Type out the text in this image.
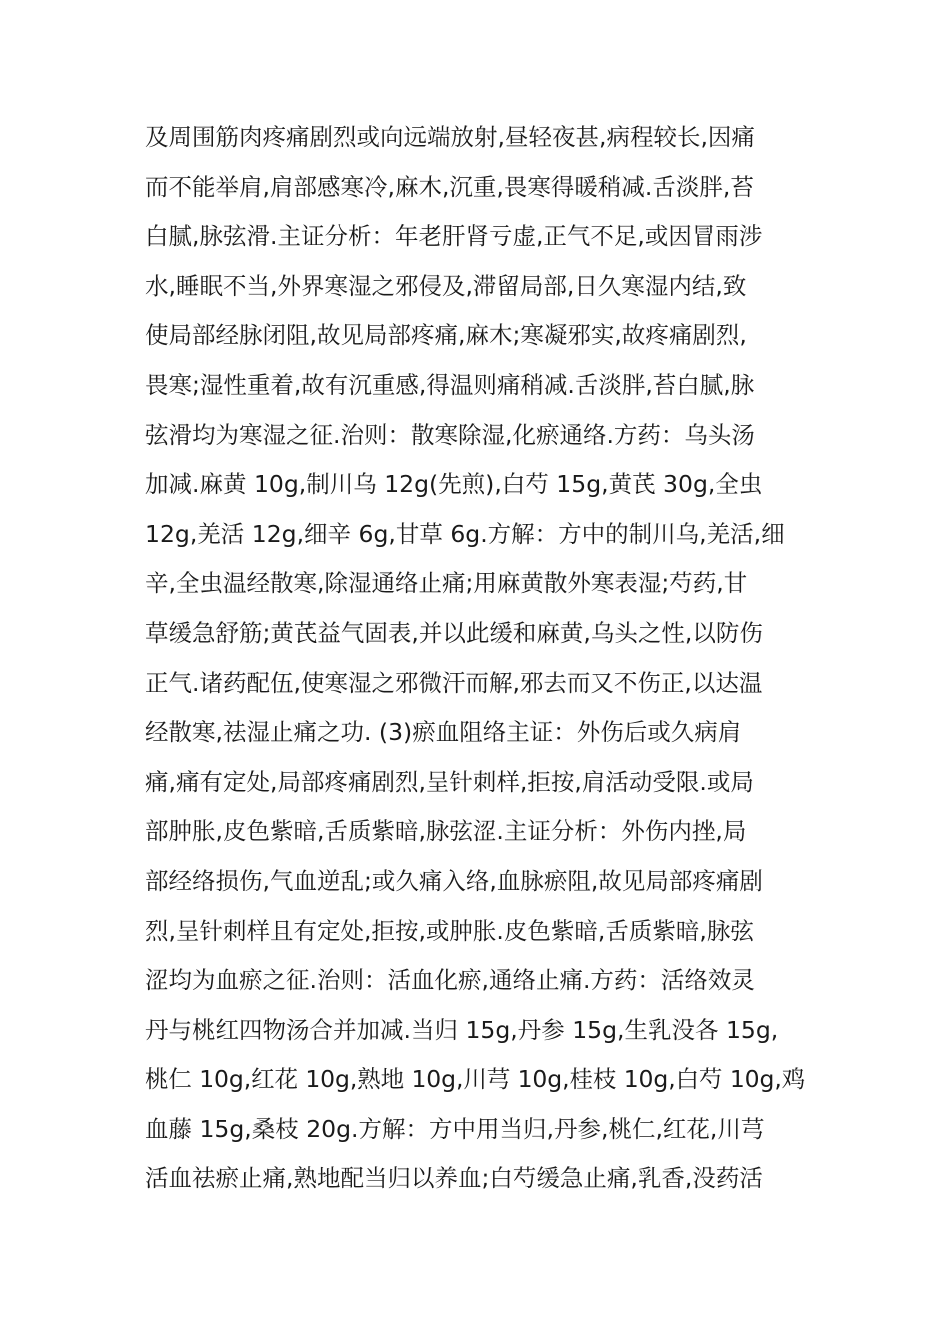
及周围筋肉疼痛剧烈或向远端放射,昼轻夜甚,病程较长,因痛
而不能举肩,肩部感寒冷,麻木,沉重,畏寒得暖稍减.舌淡胖,苔
白腻,脉弦滑.主证分析：年老肝肾亏虚,正气不足,或因冒雨涉
水,睡眠不当,外界寒湿之邪侵及,滞留局部,日久寒湿内结,致
使局部经脉闭阻,故见局部疼痛,麻木;寒凝邪实,故疼痛剧烈,
畏寒;湿性重着,故有沉重感,得温则痛稍减.舌淡胖,苔白腻,脉
弦滑均为寒湿之征.治则：散寒除湿,化瘀通络.方药：乌头汤
加减.麻黄 10g,制川乌 12g(先煎),白芍 15g,黄芪 30g,全虫
12g,羌活 12g,细辛 6g,甘草 6g.方解：方中的制川乌,羌活,细
辛,全虫温经散寒,除湿通络止痛;用麻黄散外寒表湿;芍药,甘
草缓急舒筋;黄芪益气固表,并以此缓和麻黄,乌头之性,以防伤
正气.诸药配伍,使寒湿之邪微汗而解,邪去而又不伤正,以达温
经散寒,祛湿止痛之功. (3)瘀血阻络主证：外伤后或久病肩
痛,痛有定处,局部疼痛剧烈,呈针刺样,拒按,肩活动受限.或局
部肿胀,皮色紫暗,舌质紫暗,脉弦涩.主证分析：外伤内挫,局
部经络损伤,气血逆乱;或久痛入络,血脉瘀阻,故见局部疼痛剧
烈,呈针刺样且有定处,拒按,或肿胀.皮色紫暗,舌质紫暗,脉弦
涩均为血瘀之征.治则：活血化瘀,通络止痛.方药：活络效灵
丹与桃红四物汤合并加减.当归 15g,丹参 15g,生乳没各 15g,
桃仁 10g,红花 10g,熟地 10g,川芎 10g,桂枝 10g,白芍 10g,鸡
血藤 15g,桑枝 20g.方解：方中用当归,丹参,桃仁,红花,川芎
活血祛瘀止痛,熟地配当归以养血;白芍缓急止痛,乳香,没药活
